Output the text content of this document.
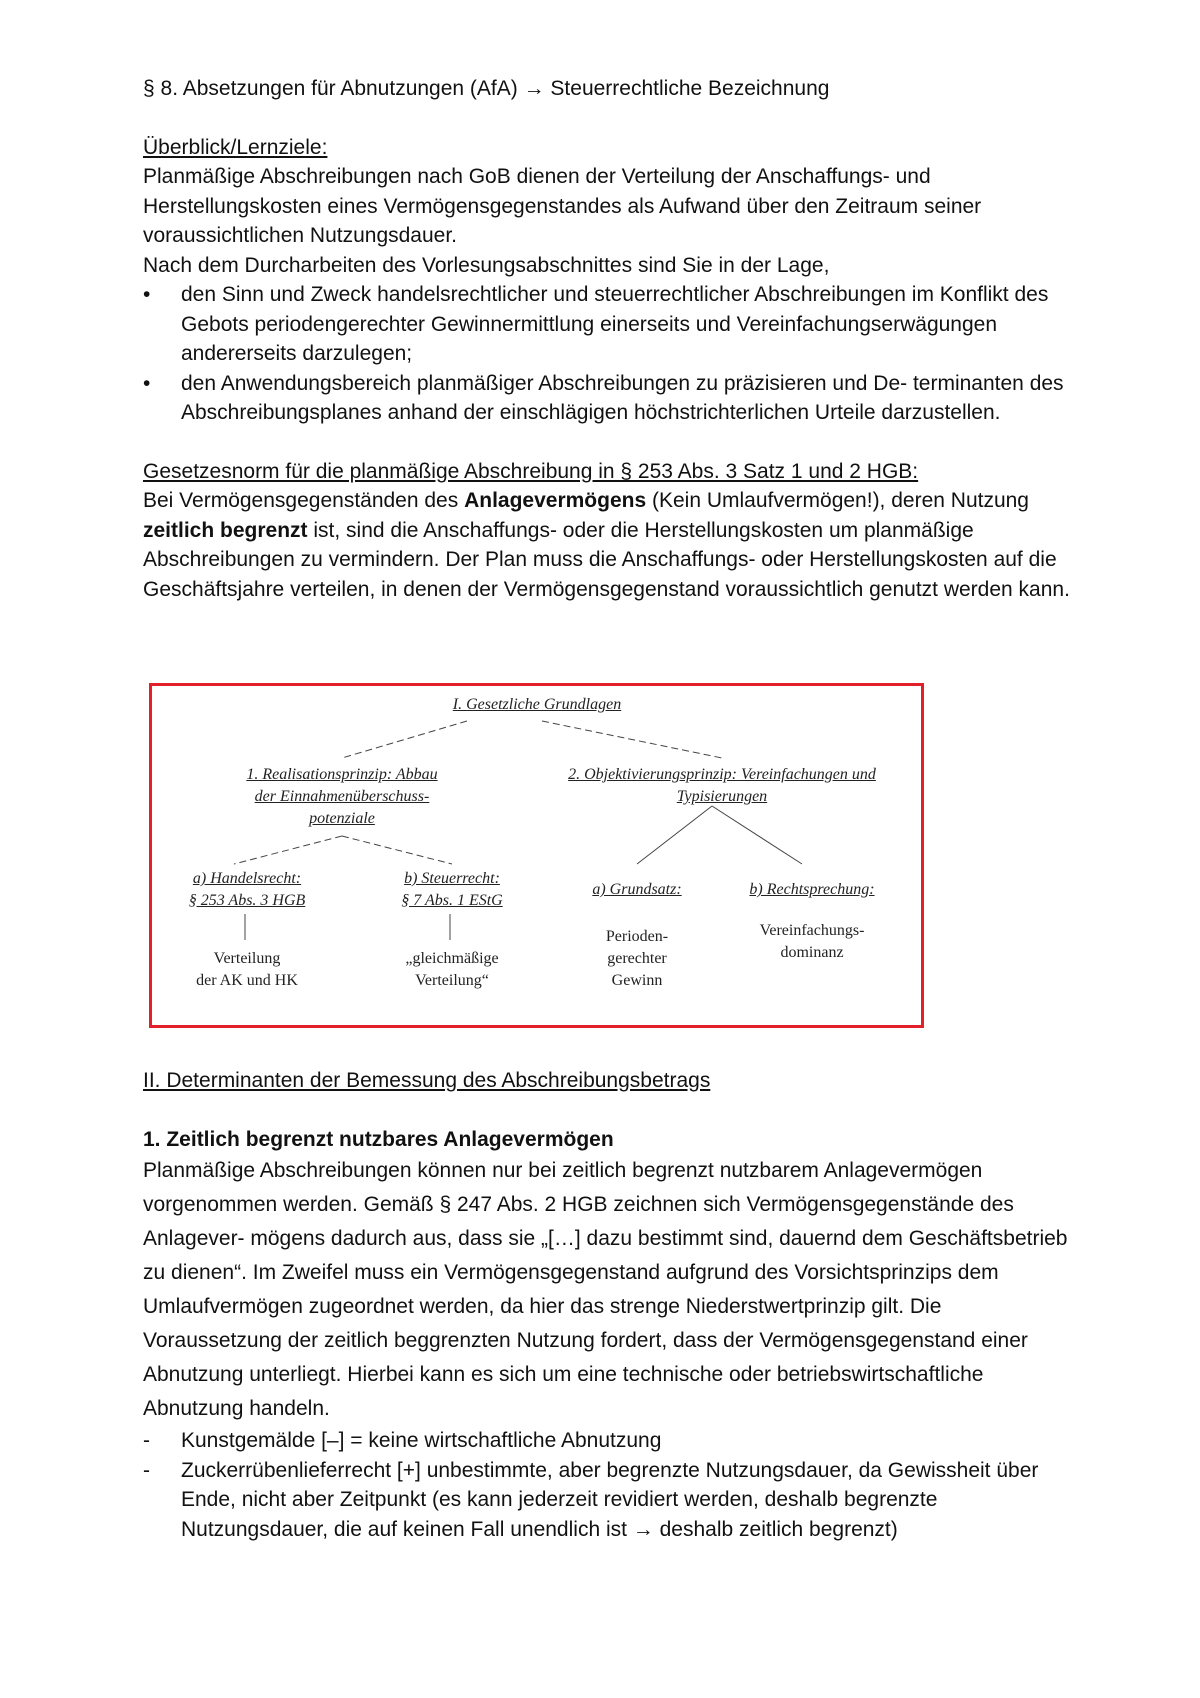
§ 8. Absetzungen für Abnutzungen (AfA) → Steuerrechtliche Bezeichnung

Überblick/Lernziele:

Planmäßige Abschreibungen nach GoB dienen der Verteilung der Anschaffungs- und Herstellungskosten eines Vermögensgegenstandes als Aufwand über den Zeitraum seiner voraussichtlichen Nutzungsdauer.

Nach dem Durcharbeiten des Vorlesungsabschnittes sind Sie in der Lage,

•	den Sinn und Zweck handelsrechtlicher und steuerrechtlicher Abschreibungen im Konflikt des Gebots periodengerechter Gewinnermittlung einerseits und Vereinfachungserwägungen andererseits darzulegen;
•	den Anwendungsbereich planmäßiger Abschreibungen zu präzisieren und De- terminanten des Abschreibungsplanes anhand der einschlägigen höchstrichterlichen Urteile darzustellen.

Gesetzesnorm für die planmäßige Abschreibung in § 253 Abs. 3 Satz 1 und 2 HGB:

Bei Vermögensgegenständen des Anlagevermögens (Kein Umlaufvermögen!), deren Nutzung zeitlich begrenzt ist, sind die Anschaffungs- oder die Herstellungskosten um planmäßige Abschreibungen zu vermindern. Der Plan muss die Anschaffungs- oder Herstellungskosten auf die Geschäftsjahre verteilen, in denen der Vermögensgegenstand voraussichtlich genutzt werden kann.

I. Gesetzliche Grundlagen
1. Realisationsprinzip: Abbau
der Einnahmenüberschuss-
potenziale
2. Objektivierungsprinzip: Vereinfachungen und
Typisierungen
a) Handelsrecht:
§ 253 Abs. 3 HGB
Verteilung
der AK und HK
b) Steuerrecht:
§ 7 Abs. 1 EStG
„gleichmäßige
Verteilung“
a) Grundsatz:
Perioden-
gerechter
Gewinn
b) Rechtsprechung:
Vereinfachungs-
dominanz

II. Determinanten der Bemessung des Abschreibungsbetrags

1. Zeitlich begrenzt nutzbares Anlagevermögen

Planmäßige Abschreibungen können nur bei zeitlich begrenzt nutzbarem Anlagevermögen vorgenommen werden. Gemäß § 247 Abs. 2 HGB zeichnen sich Vermögensgegenstände des Anlagever- mögens dadurch aus, dass sie „[…] dazu bestimmt sind, dauernd dem Geschäftsbetrieb zu dienen“. Im Zweifel muss ein Vermögensgegenstand aufgrund des Vorsichtsprinzips dem Umlaufvermögen zugeordnet werden, da hier das strenge Niederstwertprinzip gilt. Die Voraussetzung der zeitlich beggrenzten Nutzung fordert, dass der Vermögensgegenstand einer Abnutzung unterliegt. Hierbei kann es sich um eine technische oder betriebswirtschaftliche Abnutzung handeln.

-	Kunstgemälde [–] = keine wirtschaftliche Abnutzung
-	Zuckerrübenlieferrecht [+] unbestimmte, aber begrenzte Nutzungsdauer, da Gewissheit über Ende, nicht aber Zeitpunkt (es kann jederzeit revidiert werden, deshalb begrenzte Nutzungsdauer, die auf keinen Fall unendlich ist → deshalb zeitlich begrenzt)
